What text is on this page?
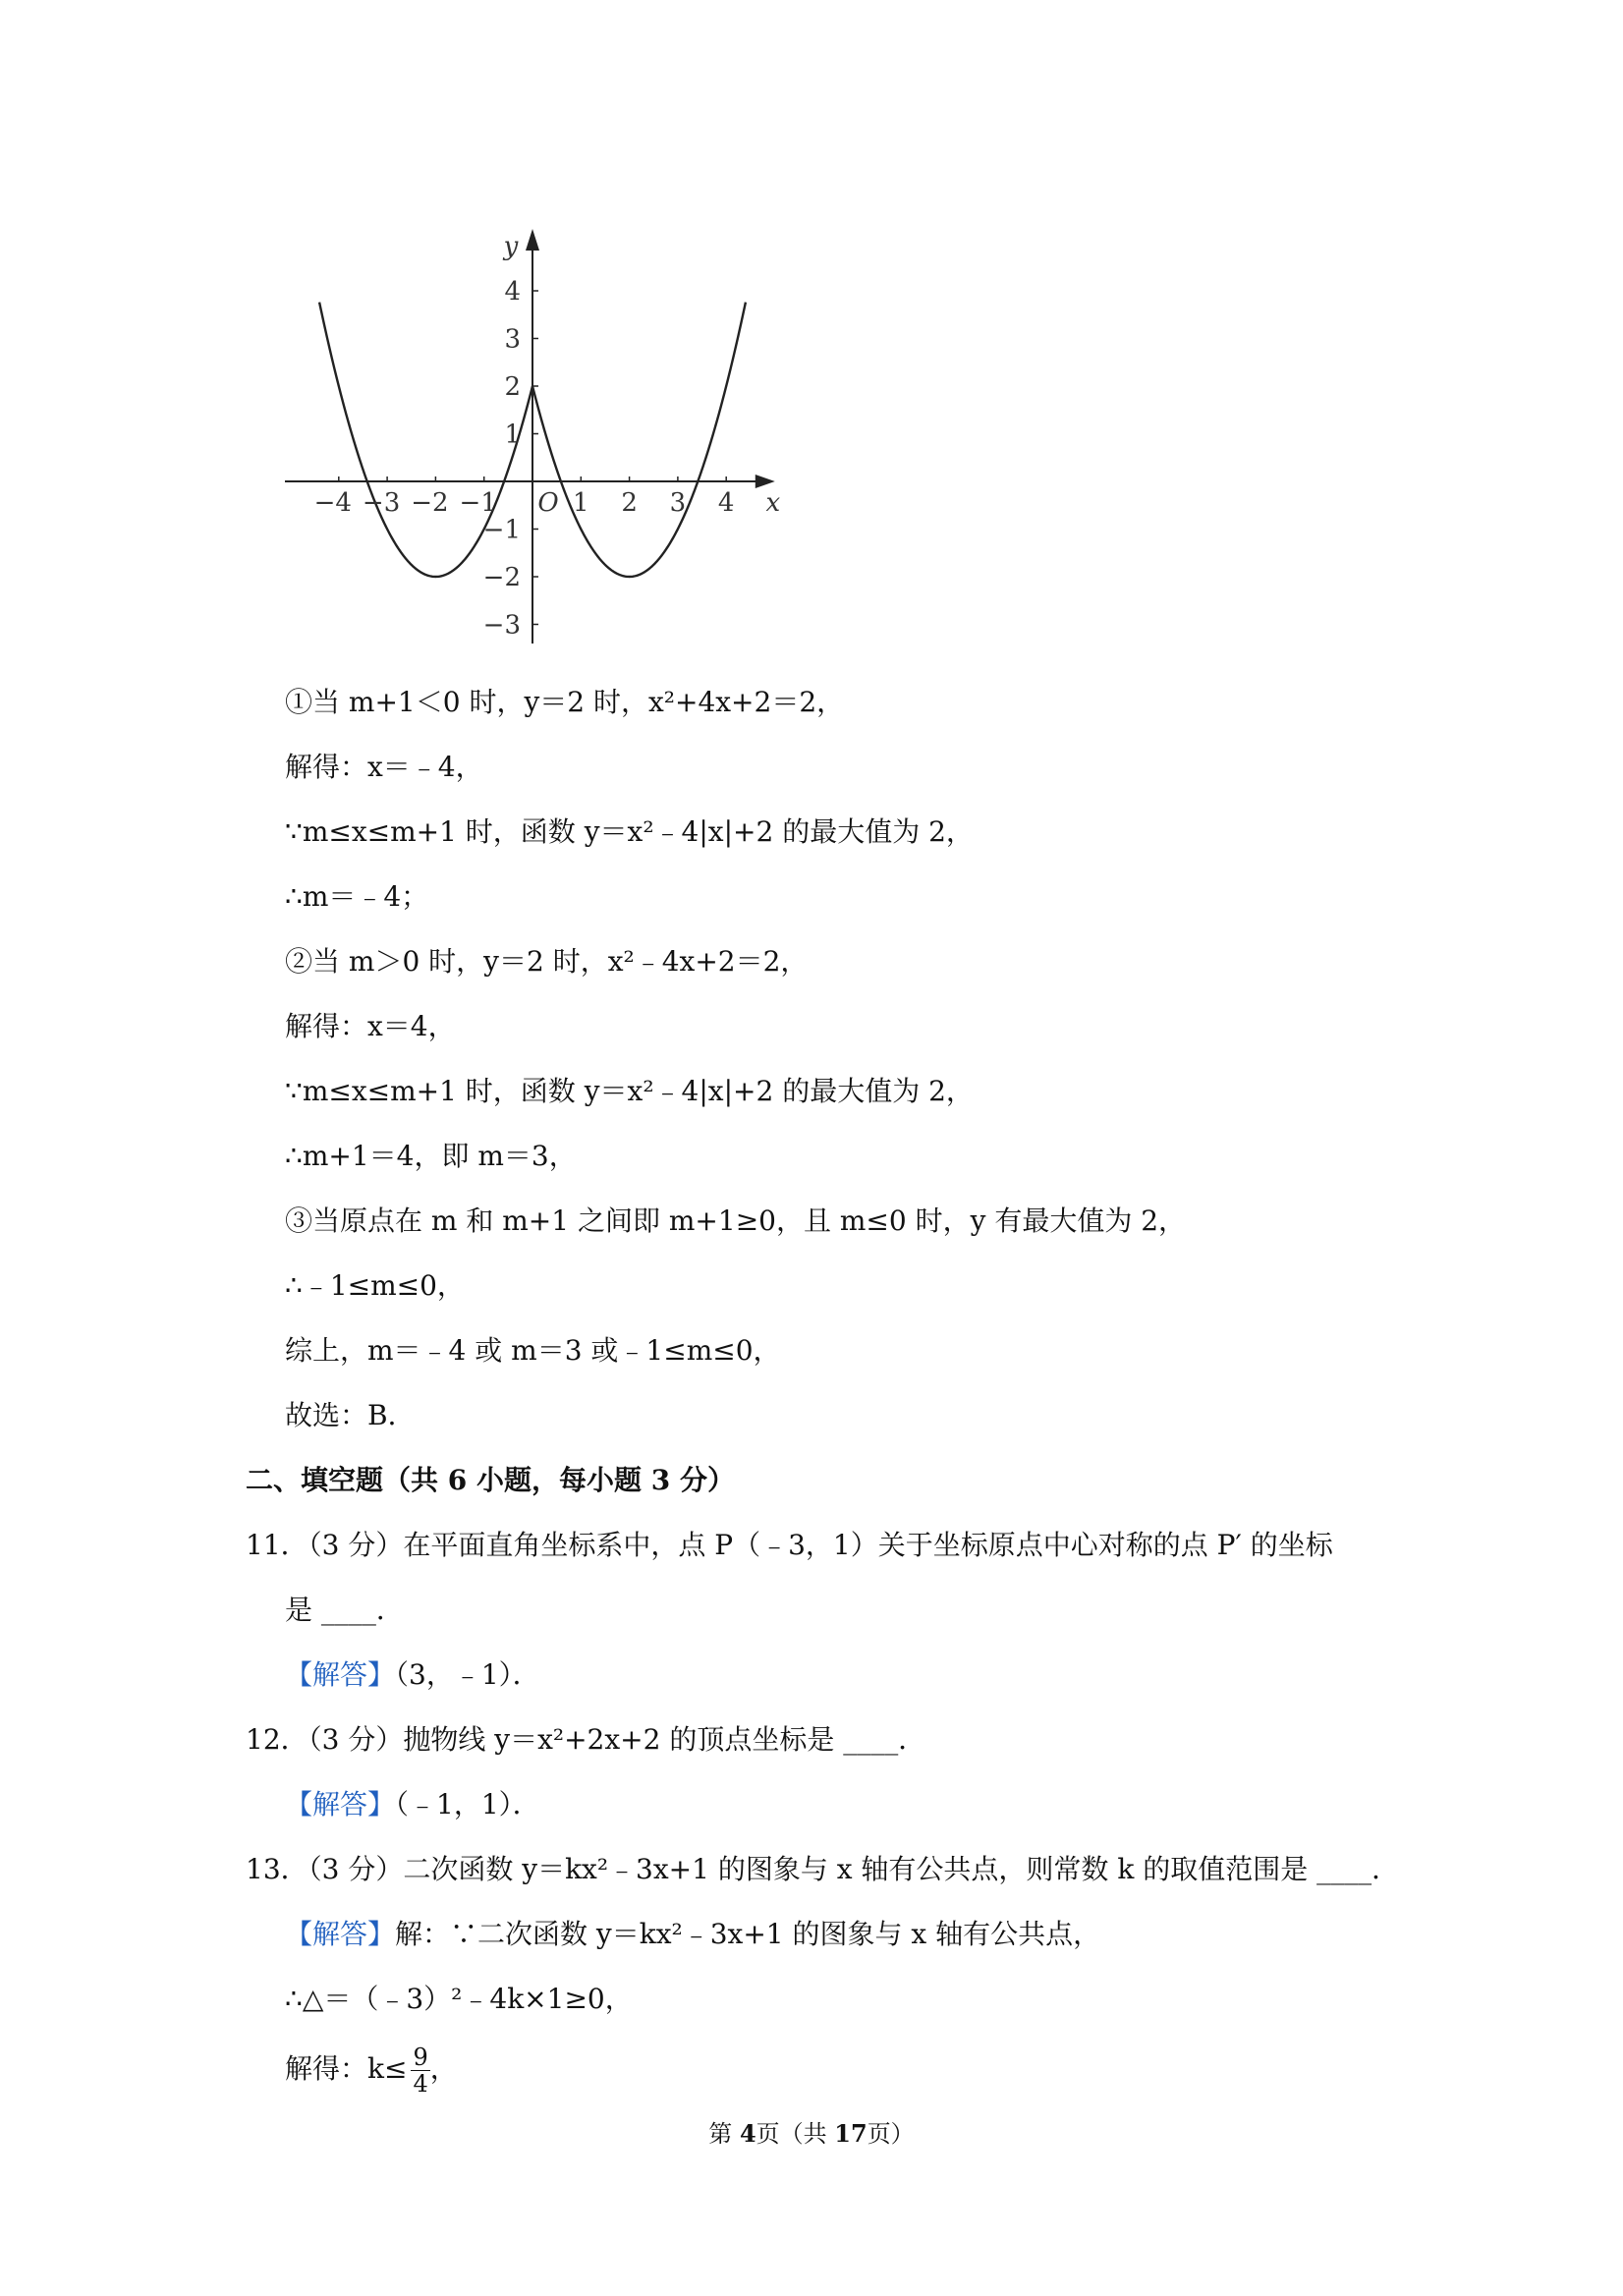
−4 −3 −2 −1	1 2 3 4
4
3
2
1
−1
−2
−3
O	x
y
①当 m+1＜0 时，y＝2 时，x²+4x+2＝2，
解得：x＝﹣4，
∵m≤x≤m+1 时，函数 y＝x²﹣4|x|+2 的最大值为 2，
∴m＝﹣4；
②当 m＞0 时，y＝2 时，x²﹣4x+2＝2，
解得：x＝4，
∵m≤x≤m+1 时，函数 y＝x²﹣4|x|+2 的最大值为 2，
∴m+1＝4，即 m＝3，
③当原点在 m 和 m+1 之间即 m+1≥0，且 m≤0 时，y 有最大值为 2，
∴﹣1≤m≤0，
综上，m＝﹣4 或 m＝3 或﹣1≤m≤0，
故选：B．
二、填空题（共 6 小题，每小题 3 分）
11．（3 分）在平面直角坐标系中，点 P（﹣3，1）关于坐标原点中心对称的点 P′ 的坐标
是 ____．
【解答】（3，﹣1）．
12．（3 分）抛物线 y＝x²+2x+2 的顶点坐标是 ____．
【解答】（﹣1，1）．
13．（3 分）二次函数 y＝kx²﹣3x+1 的图象与 x 轴有公共点，则常数 k 的取值范围是 ____．
【解答】解：∵二次函数 y＝kx²﹣3x+1 的图象与 x 轴有公共点，
∴△＝（﹣3）²﹣4k×1≥0，
解得：$k\le \frac{9}{4}$ ，
第 4页（共 17页）
